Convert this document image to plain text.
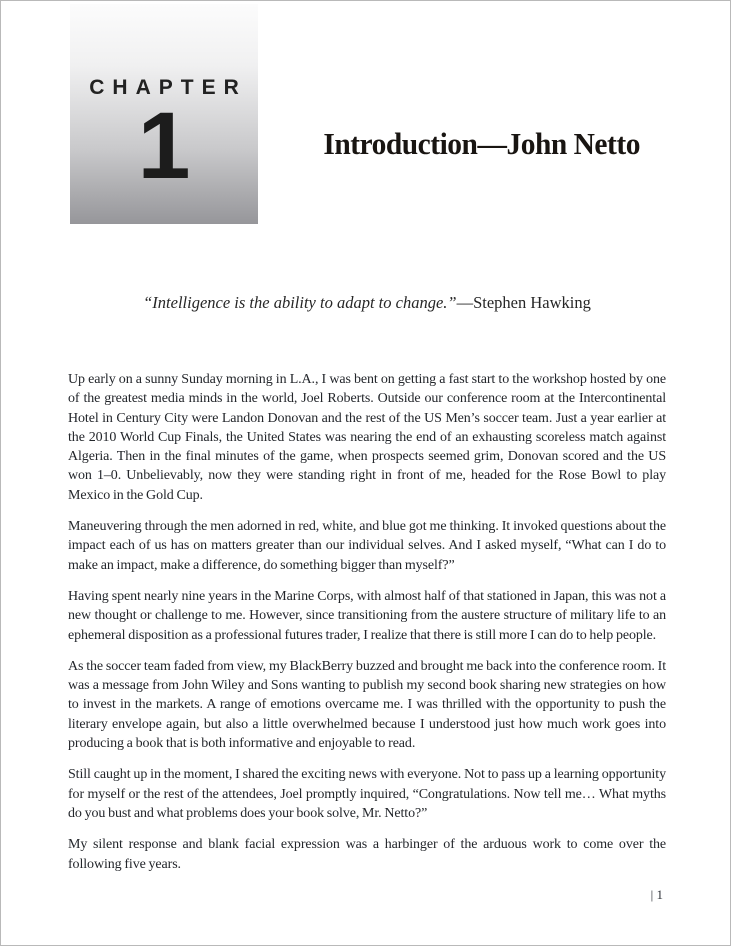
CHAPTER
1	Introduction—John Netto
“Intelligence is the ability to adapt to change.”—Stephen Hawking

Up early on a sunny Sunday morning in L.A., I was bent on getting a fast start to the workshop hosted by one of the greatest media minds in the world, Joel Roberts. Outside our conference room at the Intercontinental Hotel in Century City were Landon Donovan and the rest of the US Men’s soccer team. Just a year earlier at the 2010 World Cup Finals, the United States was nearing the end of an exhausting scoreless match against Algeria. Then in the final minutes of the game, when prospects seemed grim, Donovan scored and the US won 1–0. Unbelievably, now they were standing right in front of me, headed for the Rose Bowl to play Mexico in the Gold Cup.

Maneuvering through the men adorned in red, white, and blue got me thinking. It invoked questions about the impact each of us has on matters greater than our individual selves. And I asked myself, “What can I do to make an impact, make a difference, do something bigger than myself?”

Having spent nearly nine years in the Marine Corps, with almost half of that stationed in Japan, this was not a new thought or challenge to me. However, since transitioning from the austere structure of military life to an ephemeral disposition as a professional futures trader, I realize that there is still more I can do to help people.

As the soccer team faded from view, my BlackBerry buzzed and brought me back into the conference room. It was a message from John Wiley and Sons wanting to publish my second book sharing new strategies on how to invest in the markets. A range of emotions overcame me. I was thrilled with the opportunity to push the literary envelope again, but also a little overwhelmed because I understood just how much work goes into producing a book that is both informative and enjoyable to read.

Still caught up in the moment, I shared the exciting news with everyone. Not to pass up a learning opportunity for myself or the rest of the attendees, Joel promptly inquired, “Congratulations. Now tell me… What myths do you bust and what problems does your book solve, Mr. Netto?”

My silent response and blank facial expression was a harbinger of the arduous work to come over the following five years.

| 1
